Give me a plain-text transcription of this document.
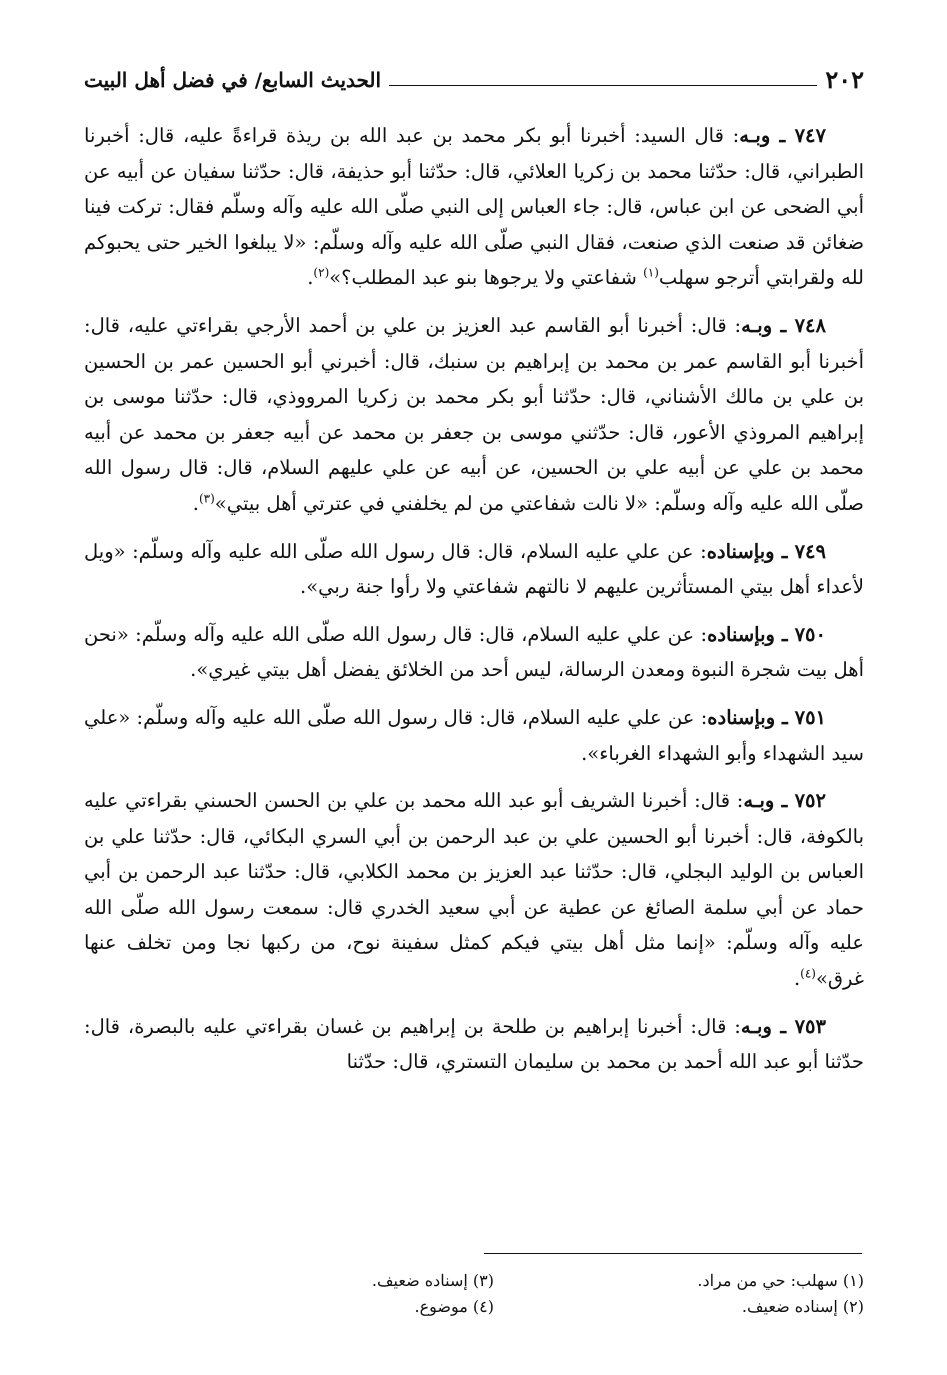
٢٠٢
الحديث السابع/ في فضل أهل البيت

٧٤٧ ـ وبـه: قال السيد: أخبرنا أبو بكر محمد بن عبد الله بن ريذة قراءةً عليه، قال: أخبرنا الطبراني، قال: حدّثنا محمد بن زكريا العلائي، قال: حدّثنا أبو حذيفة، قال: حدّثنا سفيان عن أبيه عن أبي الضحى عن ابن عباس، قال: جاء العباس إلى النبي صلّى الله عليه وآله وسلّم فقال: تركت فينا ضغائن قد صنعت الذي صنعت، فقال النبي صلّى الله عليه وآله وسلّم: «لا يبلغوا الخير حتى يحبوكم لله ولقرابتي أترجو سهلب$^{(١)}$ شفاعتي ولا يرجوها بنو عبد المطلب؟»$^{(٢)}$.

٧٤٨ ـ وبـه: قال: أخبرنا أبو القاسم عبد العزيز بن علي بن أحمد الأرجي بقراءتي عليه، قال: أخبرنا أبو القاسم عمر بن محمد بن إبراهيم بن سنبك، قال: أخبرني أبو الحسين عمر بن الحسين بن علي بن مالك الأشناني، قال: حدّثنا أبو بكر محمد بن زكريا المرووذي، قال: حدّثنا موسى بن إبراهيم المروذي الأعور، قال: حدّثني موسى بن جعفر بن محمد عن أبيه جعفر بن محمد عن أبيه محمد بن علي عن أبيه علي بن الحسين، عن أبيه عن علي عليهم السلام، قال: قال رسول الله صلّى الله عليه وآله وسلّم: «لا نالت شفاعتي من لم يخلفني في عترتي أهل بيتي»$^{(٣)}$.

٧٤٩ ـ وبإسناده: عن علي عليه السلام، قال: قال رسول الله صلّى الله عليه وآله وسلّم: «ويل لأعداء أهل بيتي المستأثرين عليهم لا نالتهم شفاعتي ولا رأوا جنة ربي».

٧٥٠ ـ وبإسناده: عن علي عليه السلام، قال: قال رسول الله صلّى الله عليه وآله وسلّم: «نحن أهل بيت شجرة النبوة ومعدن الرسالة، ليس أحد من الخلائق يفضل أهل بيتي غيري».

٧٥١ ـ وبإسناده: عن علي عليه السلام، قال: قال رسول الله صلّى الله عليه وآله وسلّم: «علي سيد الشهداء وأبو الشهداء الغرباء».

٧٥٢ ـ وبـه: قال: أخبرنا الشريف أبو عبد الله محمد بن علي بن الحسن الحسني بقراءتي عليه بالكوفة، قال: أخبرنا أبو الحسين علي بن عبد الرحمن بن أبي السري البكائي، قال: حدّثنا علي بن العباس بن الوليد البجلي، قال: حدّثنا عبد العزيز بن محمد الكلابي، قال: حدّثنا عبد الرحمن بن أبي حماد عن أبي سلمة الصائغ عن عطية عن أبي سعيد الخدري قال: سمعت رسول الله صلّى الله عليه وآله وسلّم: «إنما مثل أهل بيتي فيكم كمثل سفينة نوح، من ركبها نجا ومن تخلف عنها غرق»$^{(٤)}$.

٧٥٣ ـ وبـه: قال: أخبرنا إبراهيم بن طلحة بن إبراهيم بن غسان بقراءتي عليه بالبصرة، قال: حدّثنا أبو عبد الله أحمد بن محمد بن سليمان التستري، قال: حدّثنا

(١) سهلب: حي من مراد.
(٣) إسناده ضعيف.
(٢) إسناده ضعيف.
(٤) موضوع.
